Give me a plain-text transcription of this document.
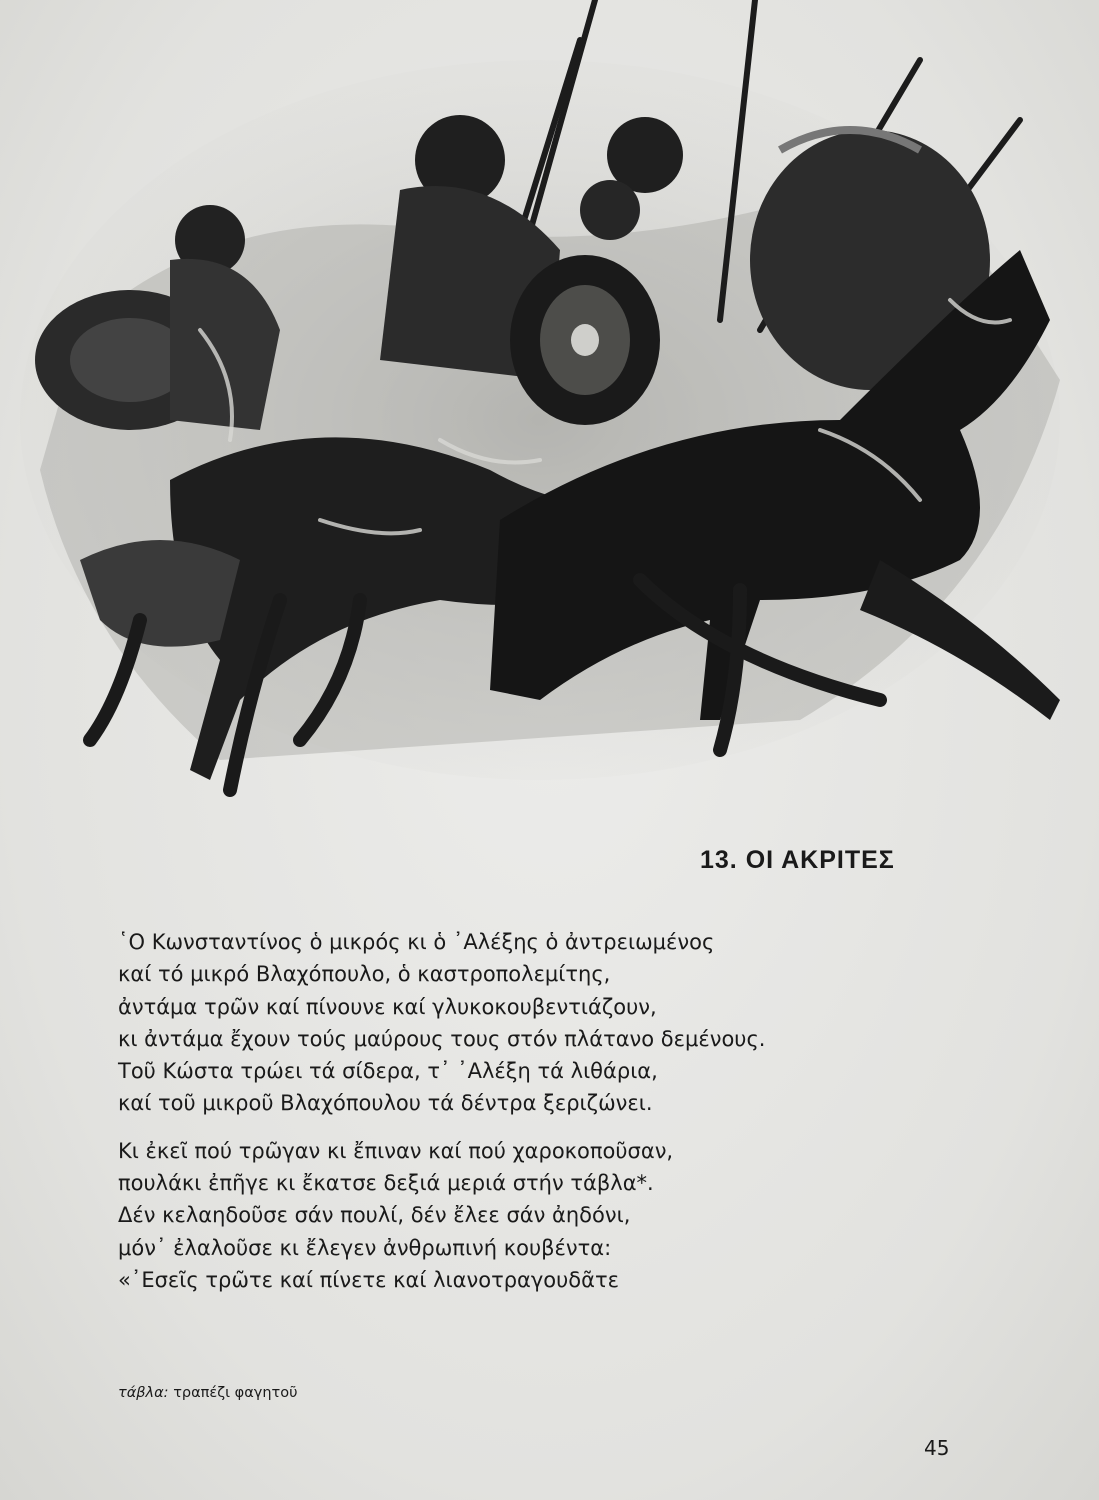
13. ΟΙ ΑΚΡΙΤΕΣ
῾Ο Κωνσταντίνος ὁ μικρός κι ὁ ᾿Αλέξης ὁ ἀντρειωμένος
καί τό μικρό Βλαχόπουλο, ὁ καστροπολεμίτης,
ἀντάμα τρῶν καί πίνουνε καί γλυκοκουβεντιάζουν,
κι ἀντάμα ἔχουν τούς μαύρους τους στόν πλάτανο δεμένους.
Τοῦ Κώστα τρώει τά σίδερα, τ᾿ ᾿Αλέξη τά λιθάρια,
καί τοῦ μικροῦ Βλαχόπουλου τά δέντρα ξεριζώνει.
Κι ἐκεῖ πού τρῶγαν κι ἔπιναν καί πού χαροκοποῦσαν,
πουλάκι ἐπῆγε κι ἔκατσε δεξιά μεριά στήν τάβλα*.
Δέν κελαηδοῦσε σάν πουλί, δέν ἔλεε σάν ἀηδόνι,
μόν᾿ ἐλαλοῦσε κι ἔλεγεν ἀνθρωπινή κουβέντα:
«᾿Εσεῖς τρῶτε καί πίνετε καί λιανοτραγουδᾶτε
τάβλα: τραπέζι φαγητοῦ
45
